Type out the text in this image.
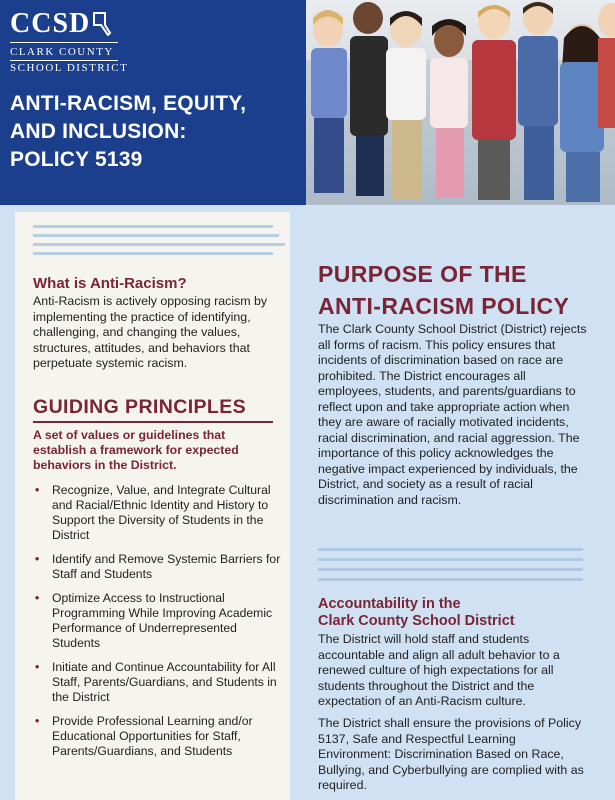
CCSD
CLARK COUNTY
SCHOOL DISTRICT
ANTI-RACISM, EQUITY,
AND INCLUSION:
POLICY 5139
What is Anti-Racism?
Anti-Racism is actively opposing racism by implementing the practice of identifying, challenging, and changing the values, structures, attitudes, and behaviors that perpetuate systemic racism.
GUIDING PRINCIPLES
A set of values or guidelines that establish a framework for expected behaviors in the District.
• Recognize, Value, and Integrate Cultural and Racial/Ethnic Identity and History to Support the Diversity of Students in the District
• Identify and Remove Systemic Barriers for Staff and Students
• Optimize Access to Instructional Programming While Improving Academic Performance of Underrepresented Students
• Initiate and Continue Accountability for All Staff, Parents/Guardians, and Students in the District
• Provide Professional Learning and/or Educational Opportunities for Staff, Parents/Guardians, and Students
PURPOSE OF THE
ANTI-RACISM POLICY
The Clark County School District (District) rejects all forms of racism. This policy ensures that incidents of discrimination based on race are prohibited. The District encourages all employees, students, and parents/guardians to reflect upon and take appropriate action when they are aware of racially motivated incidents, racial discrimination, and racial aggression. The importance of this policy acknowledges the negative impact experienced by individuals, the District, and society as a result of racial discrimination and racism.
Accountability in the
Clark County School District
The District will hold staff and students accountable and align all adult behavior to a renewed culture of high expectations for all students throughout the District and the expectation of an Anti-Racism culture.
The District shall ensure the provisions of Policy 5137, Safe and Respectful Learning Environment: Discrimination Based on Race, Bullying, and Cyberbullying are complied with as required.
